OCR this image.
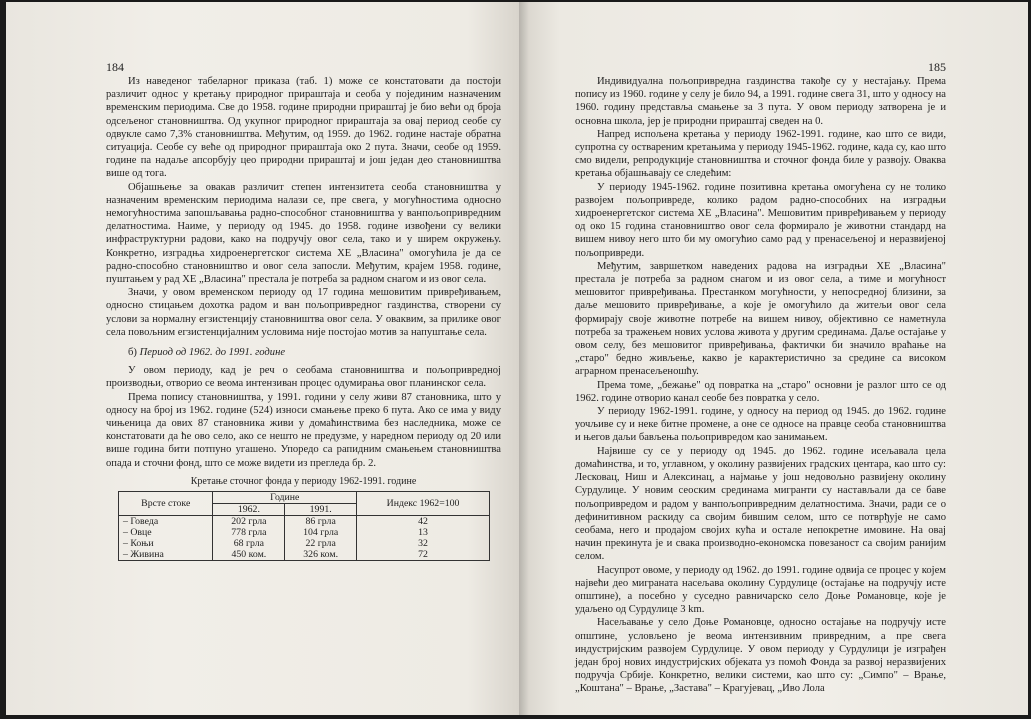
184

Из наведеног табеларног приказа (таб. 1) може се констатовати да постоји различит однос у кретању природног прираштаја и сеоба у појединим назначеним временским периодима. Све до 1958. године природни прираштај је био већи од броја одсељеног становништва. Од укупног природног прираштаја за овај период сеобе су одвукле само 7,3% становништва. Међутим, од 1959. до 1962. године настаје обратна ситуација. Сеобе су веће од природног прираштаја око 2 пута. Значи, сеобе од 1959. године па надаље апсорбују цео природни прираштај и још један део становништва више од тога.

Објашњење за овакав различит степен интензитета сеоба становништва у назначеним временским периодима налази се, пре свега, у могућностима односно немогућностима запошљавања радно-способног становништва у ванпољопривредним делатностима. Наиме, у периоду од 1945. до 1958. године извођени су велики инфраструктурни радови, како на подручју овог села, тако и у ширем окружењу. Конкретно, изградња хидроенергетског система ХЕ „Власина" омогућила је да се радно-способно становништво и овог села запосли. Међутим, крајем 1958. године, пуштањем у рад ХЕ „Власина" престала је потреба за радном снагом и из овог села.

Значи, у овом временском периоду од 17 година мешовитим привређивањем, односно стицањем дохотка радом и ван пољопривредног газдинства, створени су услови за нормалну егзистенцију становништва овог села. У оваквим, за прилике овог села повољним егзистенцијалним условима није постојао мотив за напуштање села.

б) Период од 1962. до 1991. године

У овом периоду, кад је реч о сеобама становништва и пољопривредној производњи, отворио се веома интензиван процес одумирања овог планинског села.

Према попису становништва, у 1991. години у селу живи 87 становника, што у односу на број из 1962. године (524) износи смањење преко 6 пута. Ако се има у виду чињеница да ових 87 становника живи у домаћинствима без наследника, може се констатовати да ће ово село, ако се нешто не предузме, у наредном периоду од 20 или више година бити потпуно угашено. Упоредо са рапидним смањењем становништва опада и сточни фонд, што се може видети из прегледа бр. 2.

Кретање сточног фонда у периоду 1962-1991. године
Врсте стоке	Године		Индекс 1962=100
	1962.	1991.	
– Говеда	202 грла	86 грла	42
– Овце	778 грла	104 грла	13
– Коњи	68 грла	22 грла	32
– Живина	450 ком.	326 ком.	72
185

Индивидуална пољопривредна газдинства такође су у нестајању. Према попису из 1960. године у селу је било 94, а 1991. године свега 31, што у односу на 1960. годину представља смањење за 3 пута. У овом периоду затворена је и основна школа, јер је природни прираштај сведен на 0.

Напред испољена кретања у периоду 1962-1991. године, као што се види, супротна су оствареним кретањима у периоду 1945-1962. године, када су, као што смо видели, репродукције становништва и сточног фонда биле у развоју. Оваква кретања објашњавају се следећим:

У периоду 1945-1962. године позитивна кретања омогућена су не толико развојем пољопривреде, колико радом радно-способних на изградњи хидроенергетског система ХЕ „Власина". Мешовитим привређивањем у периоду од око 15 година становништво овог села формирало је животни стандард на вишем нивоу него што би му омогућио само рад у пренасељеној и неразвијеној пољопривреди.

Међутим, завршетком наведених радова на изградњи ХЕ „Власина" престала је потреба за радном снагом и из овог села, а тиме и могућност мешовитог привређивања. Престанком могућности, у непосредној близини, за даље мешовито привређивање, а које је омогућило да житељи овог села формирају своје животне потребе на вишем нивоу, објективно се наметнула потреба за тражењем нових услова живота у другим срединама. Даље остајање у овом селу, без мешовитог привређивања, фактички би значило враћање на „старо" бедно живљење, какво је карактеристично за средине са високом аграрном пренасељеношћу.

Према томе, „бежање" од повратка на „старо" основни је разлог што се од 1962. године отворио канал сеобе без повратка у село.

У периоду 1962-1991. године, у односу на период од 1945. до 1962. године уочљиве су и неке битне промене, а оне се односе на правце сеоба становништва и његов даљи бављења пољопривредом као занимањем.

Највише су се у периоду од 1945. до 1962. године исељавала цела домаћинства, и то, углавном, у околину развијених градских центара, као што су: Лесковац, Ниш и Алексинац, а најмање у још недовољно развијену околину Сурдулице. У новим сеоским срединама мигранти су настављали да се баве пољопривредом и радом у ванпољопривредним делатностима. Значи, ради се о дефинитивном раскиду са својим бившим селом, што се потврђује не само сеобама, него и продајом својих кућа и остале непокретне имовине. На овај начин прекинута је и свака производно-економска повезаност са својим ранијим селом.

Насупрот овоме, у периоду од 1962. до 1991. године одвија се процес у којем највећи део миграната насељава околину Сурдулице (остајање на подручју исте општине), а посебно у суседно равничарско село Доње Романовце, које је удаљено од Сурдулице 3 km.

Насељавање у село Доње Романовце, односно остајање на подручју исте општине, условљено је веома интензивним привредним, а пре свега индустријским развојем Сурдулице. У овом периоду у Сурдулици је изграђен један број нових индустријских објеката уз помоћ Фонда за развој неразвијених подручја Србије. Конкретно, велики системи, као што су: „Симпо" – Врање, „Коштана" – Врање, „Застава" – Крагујевац, „Иво Лола
